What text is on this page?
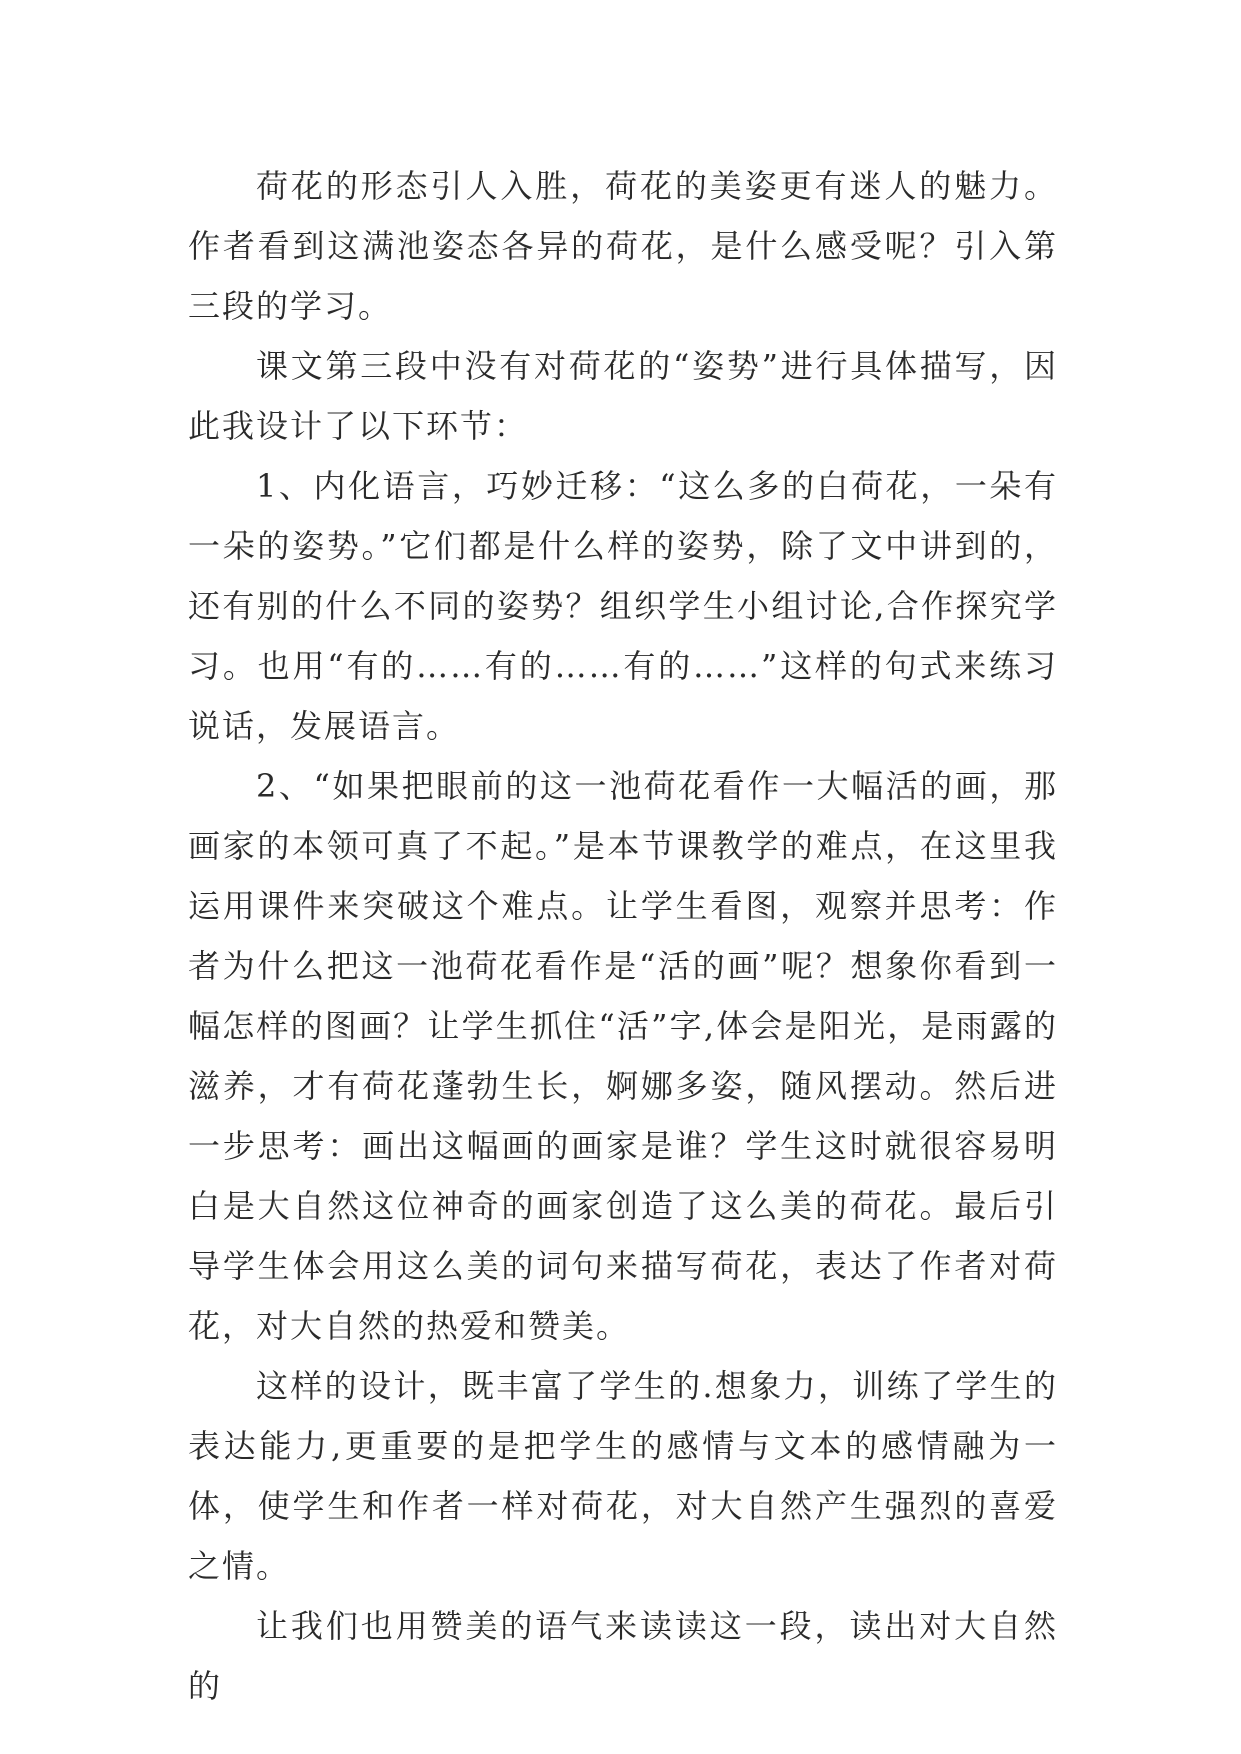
荷花的形态引人入胜，荷花的美姿更有迷人的魅力。作者看到这满池姿态各异的荷花，是什么感受呢？引入第三段的学习。

课文第三段中没有对荷花的“姿势”进行具体描写，因此我设计了以下环节：

1、内化语言，巧妙迁移：“这么多的白荷花，一朵有一朵的姿势。”它们都是什么样的姿势，除了文中讲到的，还有别的什么不同的姿势？组织学生小组讨论,合作探究学习。也用“有的……有的……有的……”这样的句式来练习说话，发展语言。

2、“如果把眼前的这一池荷花看作一大幅活的画，那画家的本领可真了不起。”是本节课教学的难点，在这里我运用课件来突破这个难点。让学生看图，观察并思考：作者为什么把这一池荷花看作是“活的画”呢？想象你看到一幅怎样的图画？让学生抓住“活”字,体会是阳光，是雨露的滋养，才有荷花蓬勃生长，婀娜多姿，随风摆动。然后进一步思考：画出这幅画的画家是谁？学生这时就很容易明白是大自然这位神奇的画家创造了这么美的荷花。最后引导学生体会用这么美的词句来描写荷花，表达了作者对荷花，对大自然的热爱和赞美。

这样的设计，既丰富了学生的.想象力，训练了学生的表达能力,更重要的是把学生的感情与文本的感情融为一体，使学生和作者一样对荷花，对大自然产生强烈的喜爱之情。

让我们也用赞美的语气来读读这一段，读出对大自然的
